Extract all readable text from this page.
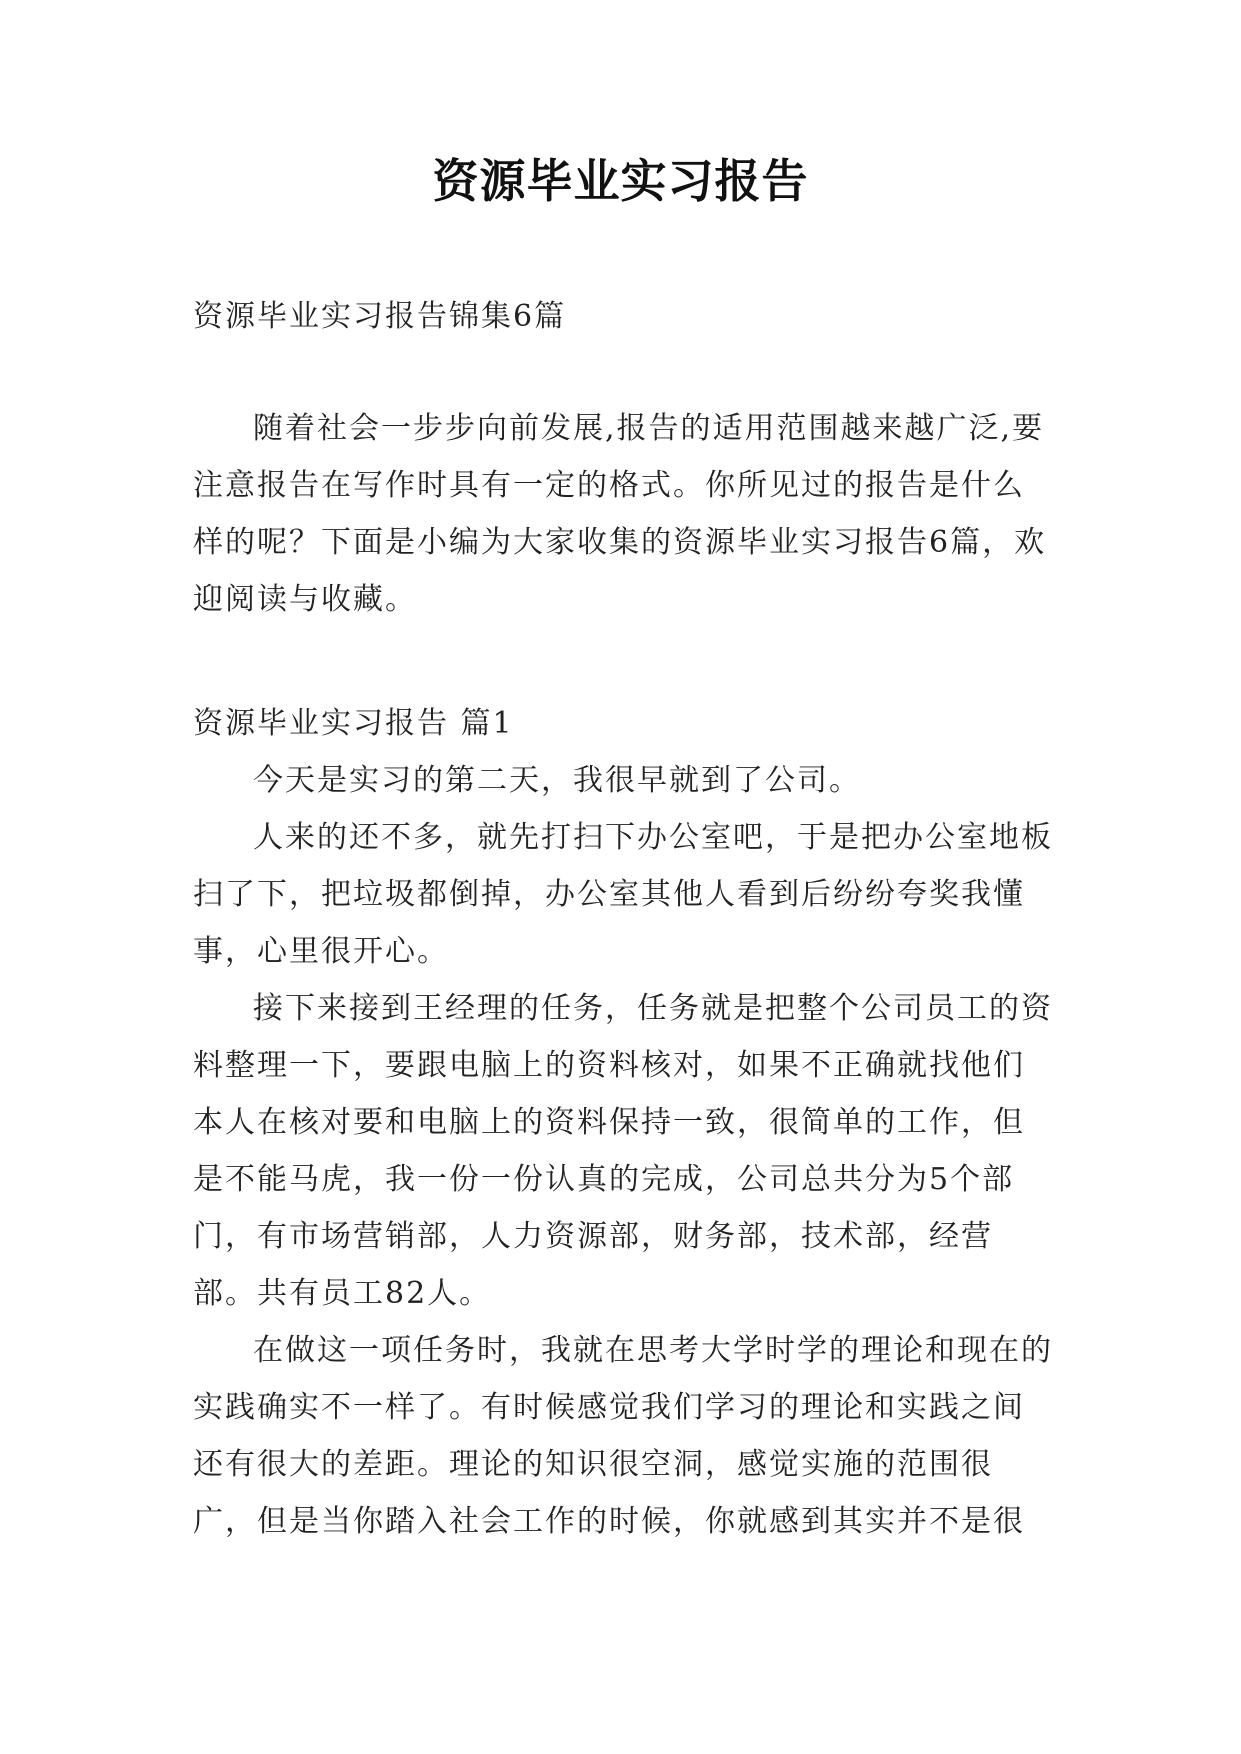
资源毕业实习报告

资源毕业实习报告锦集6篇

随着社会一步步向前发展,报告的适用范围越来越广泛,要注意报告在写作时具有一定的格式。你所见过的报告是什么样的呢？下面是小编为大家收集的资源毕业实习报告6篇，欢迎阅读与收藏。

资源毕业实习报告 篇1

今天是实习的第二天，我很早就到了公司。

人来的还不多，就先打扫下办公室吧，于是把办公室地板扫了下，把垃圾都倒掉，办公室其他人看到后纷纷夸奖我懂事，心里很开心。

接下来接到王经理的任务，任务就是把整个公司员工的资料整理一下，要跟电脑上的资料核对，如果不正确就找他们本人在核对要和电脑上的资料保持一致，很简单的工作，但是不能马虎，我一份一份认真的完成，公司总共分为5个部门，有市场营销部，人力资源部，财务部，技术部，经营部。共有员工82人。

在做这一项任务时，我就在思考大学时学的理论和现在的实践确实不一样了。有时候感觉我们学习的理论和实践之间还有很大的差距。理论的知识很空洞，感觉实施的范围很广，但是当你踏入社会工作的时候，你就感到其实并不是很
